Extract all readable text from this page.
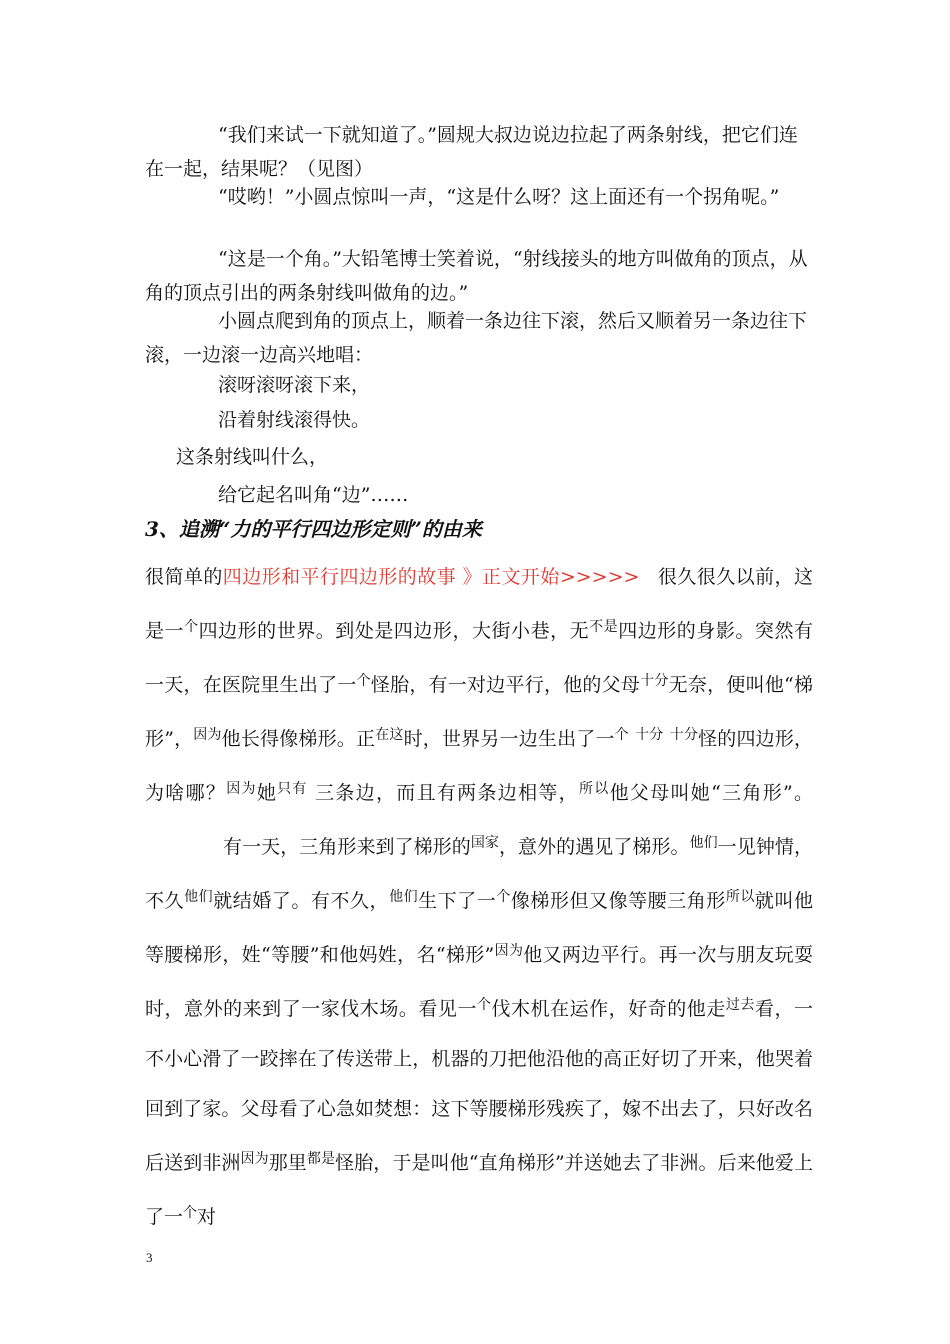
“我们来试一下就知道了。”圆规大叔边说边拉起了两条射线，把它们连在一起，结果呢？（见图）
“哎哟！”小圆点惊叫一声，“这是什么呀？这上面还有一个拐角呢。”
“这是一个角。”大铅笔博士笑着说，“射线接头的地方叫做角的顶点，从角的顶点引出的两条射线叫做角的边。”
小圆点爬到角的顶点上，顺着一条边往下滚，然后又顺着另一条边往下滚，一边滚一边高兴地唱：
滚呀滚呀滚下来，
沿着射线滚得快。
这条射线叫什么，
给它起名叫角“边”……
3、追溯“力的平行四边形定则”的由来
很简单的四边形和平行四边形的故事 》正文开始>>>>> 很久很久以前，这是一$^个$四边形的世界。到处是四边形，大街小巷，无$^{不是}$四边形的身影。突然有一天，在医院里生出了一$^个$怪胎，有一对边平行，他的父母$^{十分}$无奈，便叫他“梯形”，$^{因为}$他长得像梯形。正$^{在这}$时，世界另一边生出了一$^个$ $^{十分}$ $^{十分}$怪的四边形，为啥哪？$^{因为}$她$^{只有}$ 三条边，而且有两条边相等，$^{所以}$他父母叫她“三角形”。有一天，三角形来到了梯形的$^{国家}$，意外的遇见了梯形。$^{他们}$一见钟情，不久$^{他们}$就结婚了。有不久，$^{他们}$生下了一$^个$像梯形但又像等腰三角形$^{所以}$就叫他等腰梯形，姓“等腰”和他妈姓，名“梯形”$^{因为}$他又两边平行。再一次与朋友玩耍时，意外的来到了一家伐木场。看见一$^个$伐木机在运作，好奇的他走$^{过去}$看，一不小心滑了一跤摔在了传送带上，机器的刀把他沿他的高正好切了开来，他哭着回到了家。父母看了心急如焚想：这下等腰梯形残疾了，嫁不出去了，只好改名后送到非洲$^{因为}$那里$^{都是}$怪胎，于是叫他“直角梯形”并送她去了非洲。后来他爱上了一$^个$对
3
